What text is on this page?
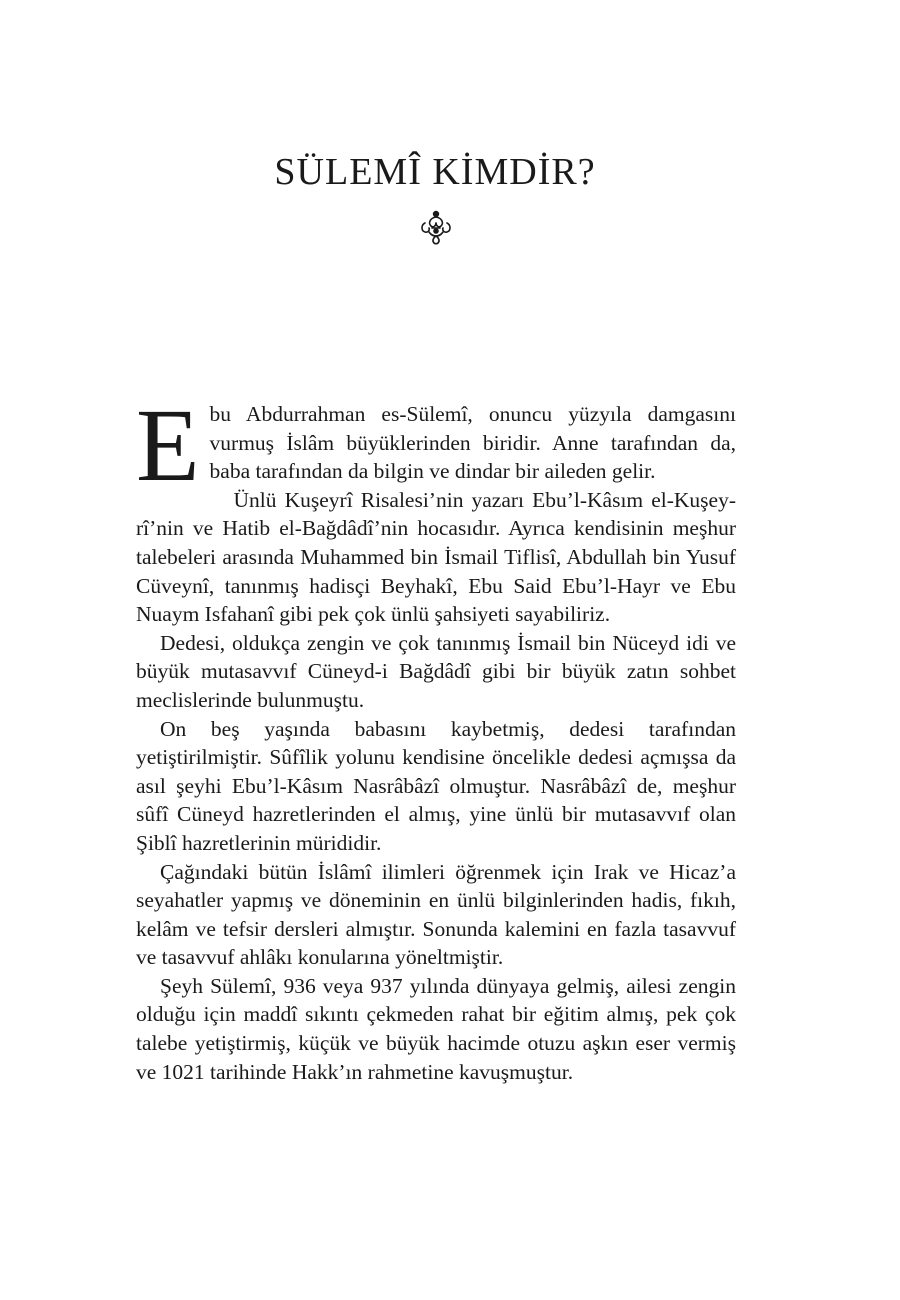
SÜLEMÎ KİMDİR?

Ebu Abdurrahman es-Sülemî, onuncu yüzyıla damgasını vurmuş İslâm büyüklerinden biridir. Anne tarafından da, baba tarafından da bilgin ve dindar bir aileden gelir.

Ünlü Kuşeyrî Risalesi’nin yazarı Ebu’l-Kâsım el-Kuşeyrî’nin ve Hatib el-Bağdâdî’nin hocasıdır. Ayrıca kendisinin meşhur talebeleri arasında Muhammed bin İsmail Tiflisî, Abdullah bin Yusuf Cüveynî, tanınmış hadisçi Beyhakî, Ebu Said Ebu’l-Hayr ve Ebu Nuaym Isfahanî gibi pek çok ünlü şahsiyeti sayabiliriz.

Dedesi, oldukça zengin ve çok tanınmış İsmail bin Nüceyd idi ve büyük mutasavvıf Cüneyd-i Bağdâdî gibi bir büyük zatın sohbet meclislerinde bulunmuştu.

On beş yaşında babasını kaybetmiş, dedesi tarafından yetiştirilmiştir. Sûfîlik yolunu kendisine öncelikle dedesi açmışsa da asıl şeyhi Ebu’l-Kâsım Nasrâbâzî olmuştur. Nasrâbâzî de, meşhur sûfî Cüneyd hazretlerinden el almış, yine ünlü bir mutasavvıf olan Şiblî hazretlerinin mürididir.

Çağındaki bütün İslâmî ilimleri öğrenmek için Irak ve Hicaz’a seyahatler yapmış ve döneminin en ünlü bilginlerinden hadis, fıkıh, kelâm ve tefsir dersleri almıştır. Sonunda kalemini en fazla tasavvuf ve tasavvuf ahlâkı konularına yöneltmiştir.

Şeyh Sülemî, 936 veya 937 yılında dünyaya gelmiş, ailesi zengin olduğu için maddî sıkıntı çekmeden rahat bir eğitim almış, pek çok talebe yetiştirmiş, küçük ve büyük hacimde otuzu aşkın eser vermiş ve 1021 tarihinde Hakk’ın rahmetine kavuşmuştur.
